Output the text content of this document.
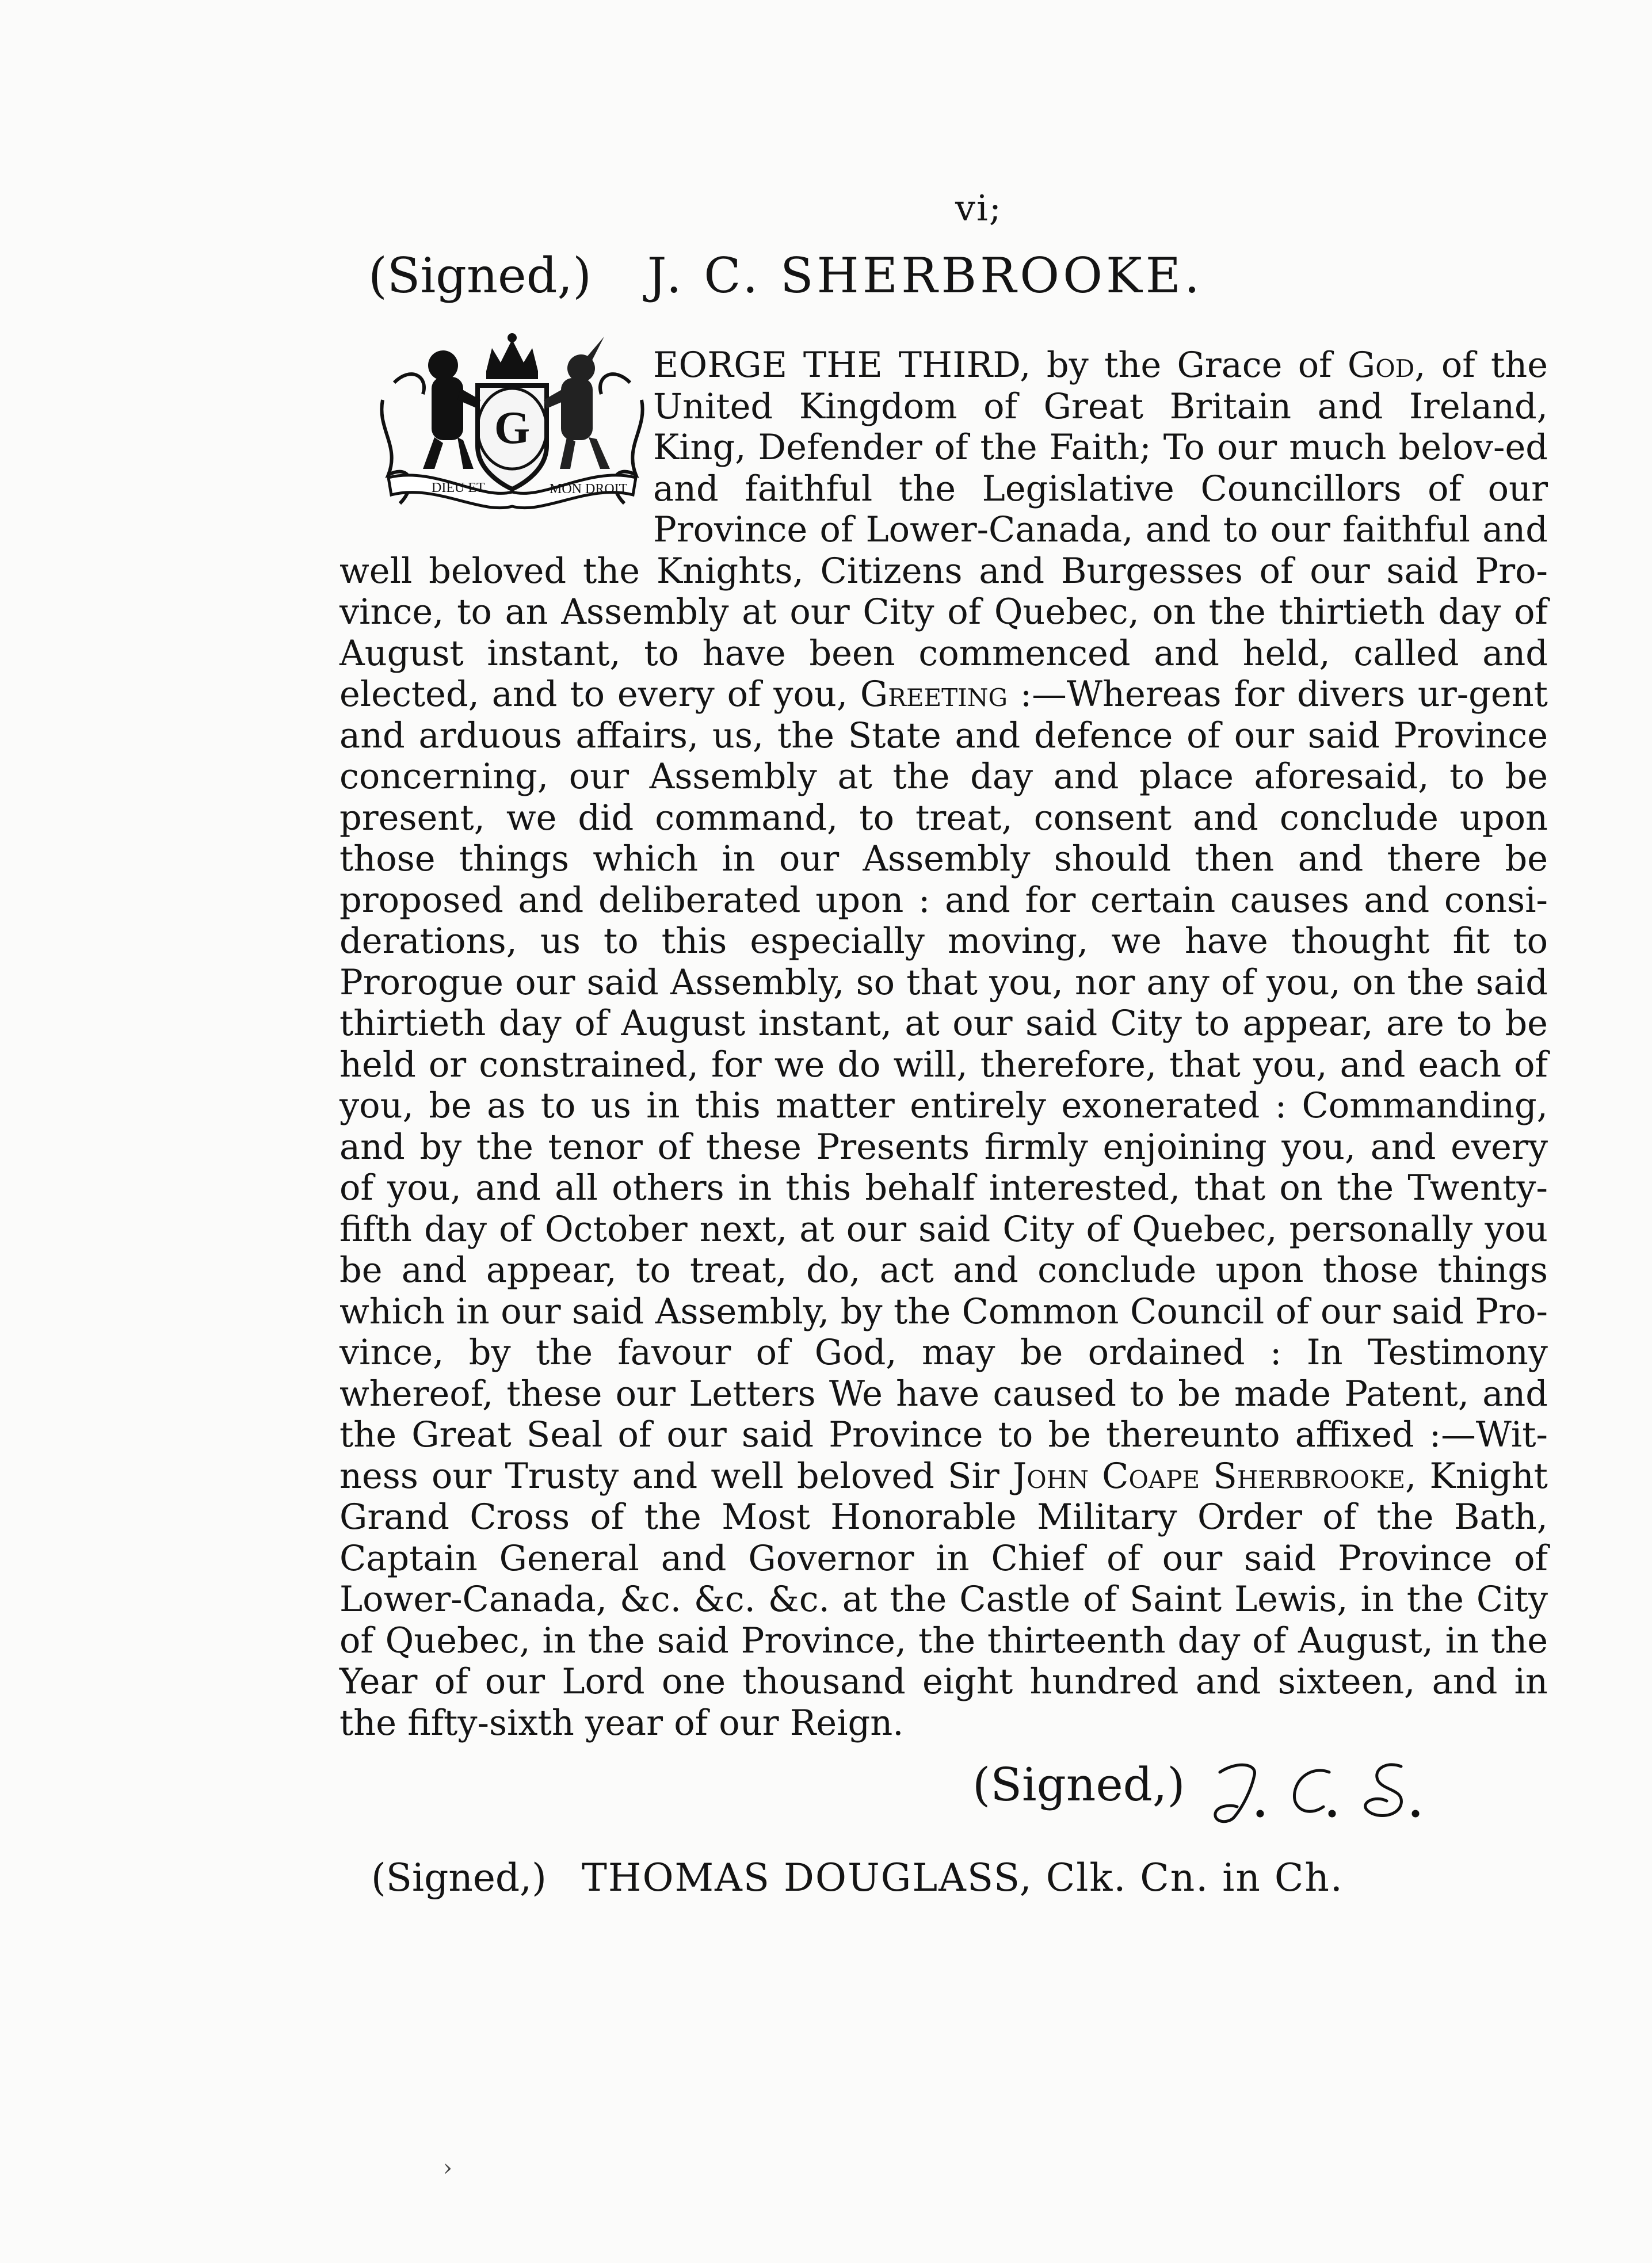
vi;
(Signed,) J. C. SHERBROOKE.
G
DIEU ET	MON DROIT

EORGE THE THIRD, by the Grace of God, of the United Kingdom of Great Britain and Ireland, King, Defender of the Faith; To our much belov-ed and faithful the Legislative Councillors of our Province of Lower-Canada, and to our faithful and well beloved the Knights, Citizens and Burgesses of our said Pro-vince, to an Assembly at our City of Quebec, on the thirtieth day of August instant, to have been commenced and held, called and elected, and to every of you, Greeting :—Whereas for divers ur-gent and arduous affairs, us, the State and defence of our said Province concerning, our Assembly at the day and place aforesaid, to be present, we did command, to treat, consent and conclude upon those things which in our Assembly should then and there be proposed and deliberated upon : and for certain causes and consi-derations, us to this especially moving, we have thought fit to Prorogue our said Assembly, so that you, nor any of you, on the said thirtieth day of August instant, at our said City to appear, are to be held or constrained, for we do will, therefore, that you, and each of you, be as to us in this matter entirely exonerated : Commanding, and by the tenor of these Presents firmly enjoining you, and every of you, and all others in this behalf interested, that on the Twenty-fifth day of October next, at our said City of Quebec, personally you be and appear, to treat, do, act and conclude upon those things which in our said Assembly, by the Common Council of our said Pro-vince, by the favour of God, may be ordained : In Testimony whereof, these our Letters We have caused to be made Patent, and the Great Seal of our said Province to be thereunto affixed :—Wit-ness our Trusty and well beloved Sir John Coape Sherbrooke, Knight Grand Cross of the Most Honorable Military Order of the Bath, Captain General and Governor in Chief of our said Province of Lower-Canada, &c. &c. &c. at the Castle of Saint Lewis, in the City of Quebec, in the said Province, the thirteenth day of August, in the Year of our Lord one thousand eight hundred and sixteen, and in the fifty-sixth year of our Reign.

(Signed,)
(Signed,) THOMAS DOUGLASS, Clk. Cn. in Ch.
›
